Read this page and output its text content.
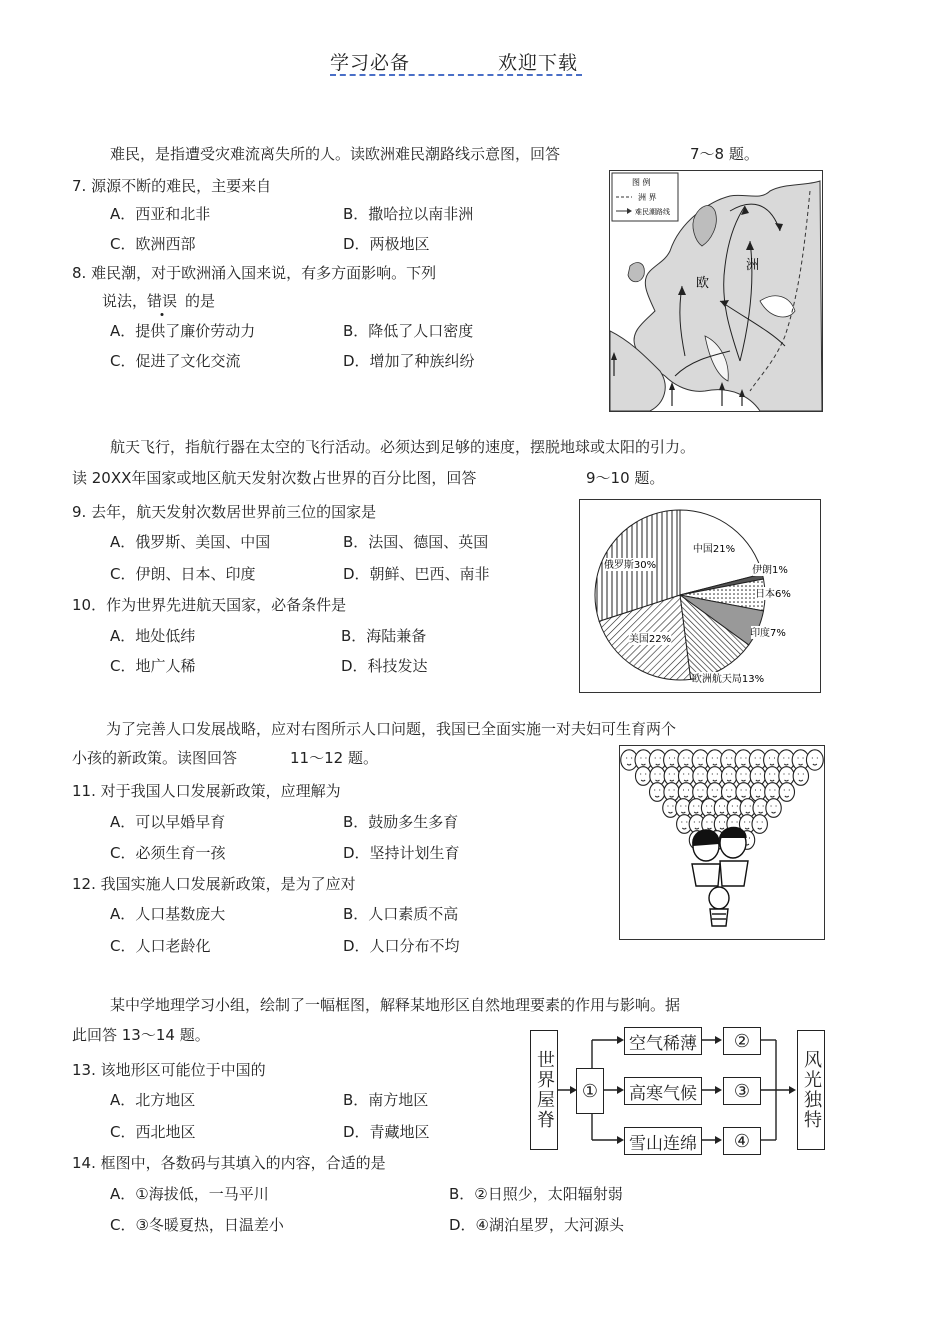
学习必备	欢迎下载
难民，是指遭受灾难流离失所的人。读欧洲难民潮路线示意图，回答	7～8 题。
7. 源源不断的难民，主要来自
A．西亚和北非	B．撒哈拉以南非洲
C．欧洲西部	D．两极地区
8. 难民潮，对于欧洲涌入国来说，有多方面影响。下列
说法，错误 的是
A．提供了廉价劳动力	B．降低了人口密度
C．促进了文化交流	D．增加了种族纠纷
图 例
洲 界
难民潮路线
欧
洲
航天飞行，指航行器在太空的飞行活动。必须达到足够的速度，摆脱地球或太阳的引力。
读 20XX年国家或地区航天发射次数占世界的百分比图，回答	9～10 题。
9. 去年，航天发射次数居世界前三位的国家是
A．俄罗斯、美国、中国	B．法国、德国、英国
C．伊朗、日本、印度	D．朝鲜、巴西、南非
10．作为世界先进航天国家，必备条件是
A．地处低纬	B．海陆兼备
C．地广人稀	D．科技发达
中国21%
伊朗1%
日本6%
印度7%
欧洲航天局13%
美国22%
俄罗斯30%
为了完善人口发展战略，应对右图所示人口问题，我国已全面实施一对夫妇可生育两个
小孩的新政策。读图回答	11～12 题。
11. 对于我国人口发展新政策，应理解为
A．可以早婚早育	B．鼓励多生多育
C．必须生育一孩	D．坚持计划生育
12. 我国实施人口发展新政策，是为了应对
A．人口基数庞大	B．人口素质不高
C．人口老龄化	D．人口分布不均
某中学地理学习小组，绘制了一幅框图，解释某地形区自然地理要素的作用与影响。据
此回答 13～14 题。
13. 该地形区可能位于中国的
A．北方地区	B．南方地区
C．西北地区	D．青藏地区
14. 框图中，各数码与其填入的内容，合适的是
A．①海拔低，一马平川	B．②日照少，太阳辐射弱
C．③冬暖夏热，日温差小	D．④湖泊星罗，大河源头
世界屋脊	①
空气稀薄
高寒气候
雪山连绵
②
③
④
风光独特
